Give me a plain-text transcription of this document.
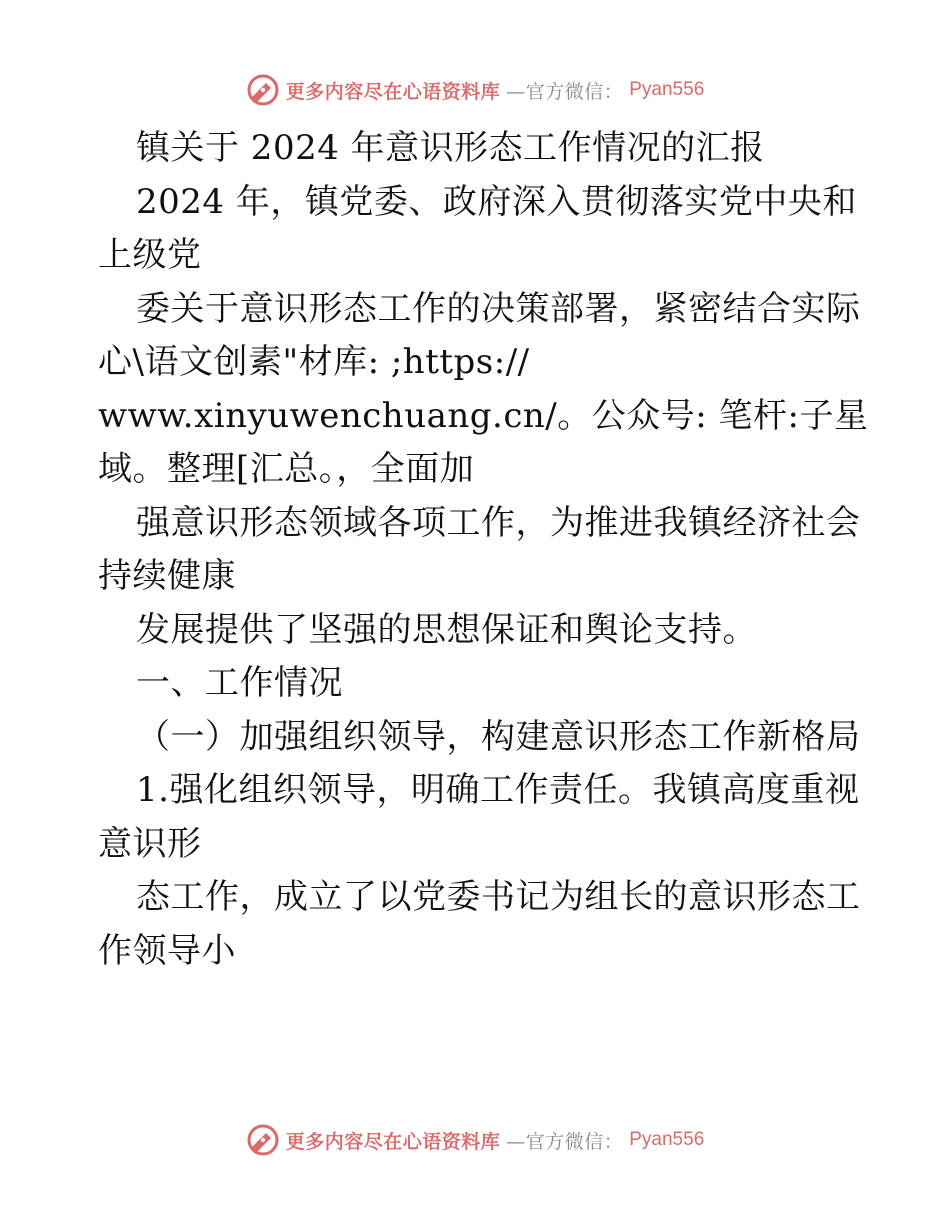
更多内容尽在心语资料库 —官方微信： Pyan556
镇关于 2024 年意识形态工作情况的汇报
2024 年，镇党委、政府深入贯彻落实党中央和
上级党
委关于意识形态工作的决策部署，紧密结合实际
心\语文创素"材库: ;https://
www.xinyuwenchuang.cn/。公众号: 笔杆:子星
域。整理[汇总。，全面加
强意识形态领域各项工作，为推进我镇经济社会
持续健康
发展提供了坚强的思想保证和舆论支持。
一、工作情况
（一）加强组织领导，构建意识形态工作新格局
1.强化组织领导，明确工作责任。我镇高度重视
意识形
态工作，成立了以党委书记为组长的意识形态工
作领导小
更多内容尽在心语资料库 —官方微信： Pyan556
